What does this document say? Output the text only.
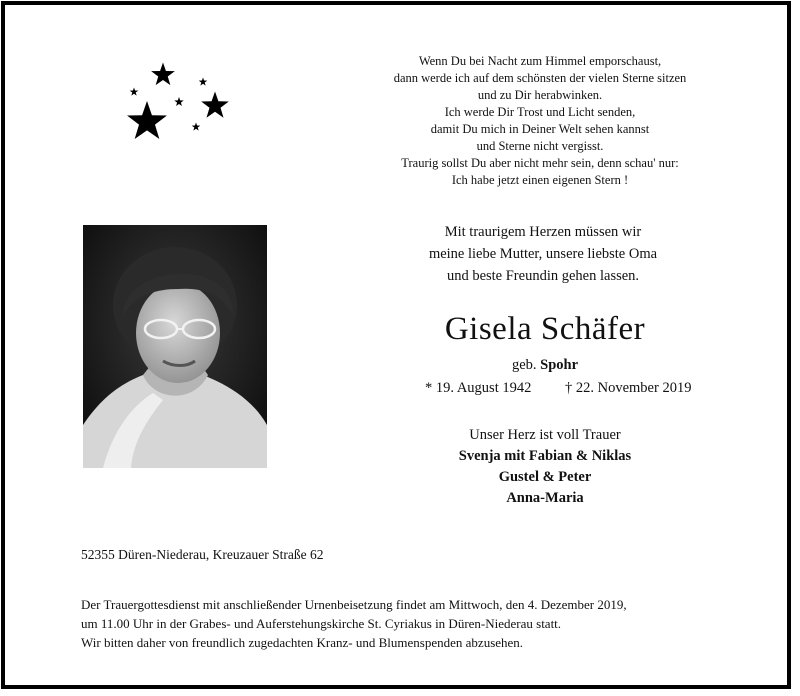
Wenn Du bei Nacht zum Himmel emporschaust,
dann werde ich auf dem schönsten der vielen Sterne sitzen
und zu Dir herabwinken.
Ich werde Dir Trost und Licht senden,
damit Du mich in Deiner Welt sehen kannst
und Sterne nicht vergisst.
Traurig sollst Du aber nicht mehr sein, denn schau' nur:
Ich habe jetzt einen eigenen Stern !
Mit traurigem Herzen müssen wir
meine liebe Mutter, unsere liebste Oma
und beste Freundin gehen lassen.
Gisela Schäfer
geb. Spohr
* 19. August 1942 † 22. November 2019
Unser Herz ist voll Trauer
Svenja mit Fabian & Niklas
Gustel & Peter
Anna-Maria
52355 Düren-Niederau, Kreuzauer Straße 62
Der Trauergottesdienst mit anschließender Urnenbeisetzung findet am Mittwoch, den 4. Dezember 2019,
um 11.00 Uhr in der Grabes- und Auferstehungskirche St. Cyriakus in Düren-Niederau statt.
Wir bitten daher von freundlich zugedachten Kranz- und Blumenspenden abzusehen.
